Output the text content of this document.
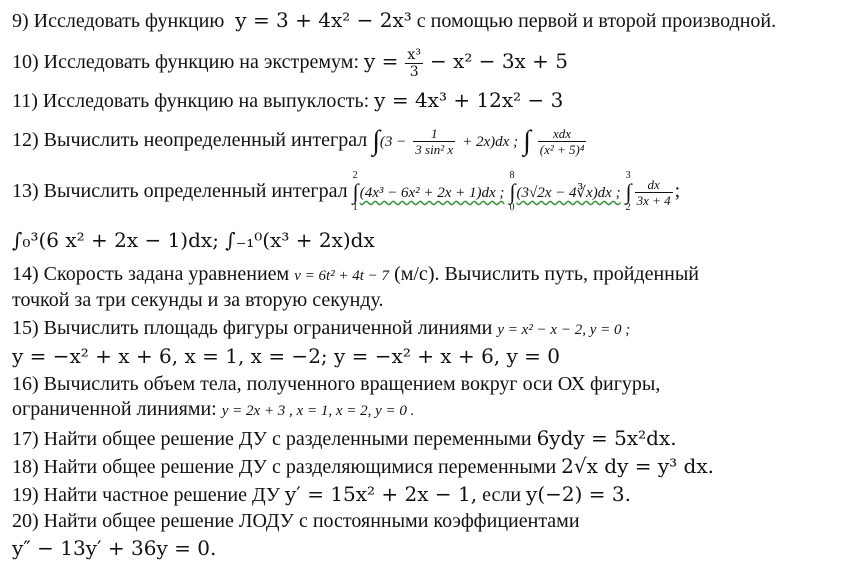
9) Исследовать функцию y = 3 + 4x² − 2x³ с помощью первой и второй производной.
10) Исследовать функцию на экстремум: $y = \frac{\text{x³}}{3} - x^2 - 3x + 5$
11) Исследовать функцию на выпуклость: y = 4x³ + 12x² − 3
12) Вычислить неопределенный интеграл $\int(3 - \frac{1}{\text{3 sin² x}} + 2x)dx$ ; ∫ $\frac{\text{xdx}}{\text{(x² + 5)⁴}}$
13) Вычислить определенный интеграл
2
∫
1
(4x³ − 6x² + 2x + 1)dx ;
8
∫
0
(3√2x − 4∛x)dx ;
3
∫
2
$\frac{dx}{3x + 4}$ ;
∫₀³(6 x² + 2x − 1)dx; ∫₋₁⁰(x³ + 2x)dx
14) Скорость задана уравнением v = 6t² + 4t − 7 (м/с). Вычислить путь, пройденный
точкой за три секунды и за вторую секунду.
15) Вычислить площадь фигуры ограниченной линиями y = x² − x − 2, y = 0 ;
y = −x² + x + 6, x = 1, x = −2; y = −x² + x + 6, y = 0
16) Вычислить объем тела, полученного вращением вокруг оси ОХ фигуры,
ограниченной линиями: y = 2x + 3 , x = 1, x = 2, y = 0 .
17) Найти общее решение ДУ с разделенными переменными 6ydy = 5x²dx.
18) Найти общее решение ДУ с разделяющимися переменными 2√x dy = y³ dx.
19) Найти частное решение ДУ y′ = 15x² + 2x − 1, если y(−2) = 3.
20) Найти общее решение ЛОДУ с постоянными коэффициентами
y″ − 13y′ + 36y = 0.
